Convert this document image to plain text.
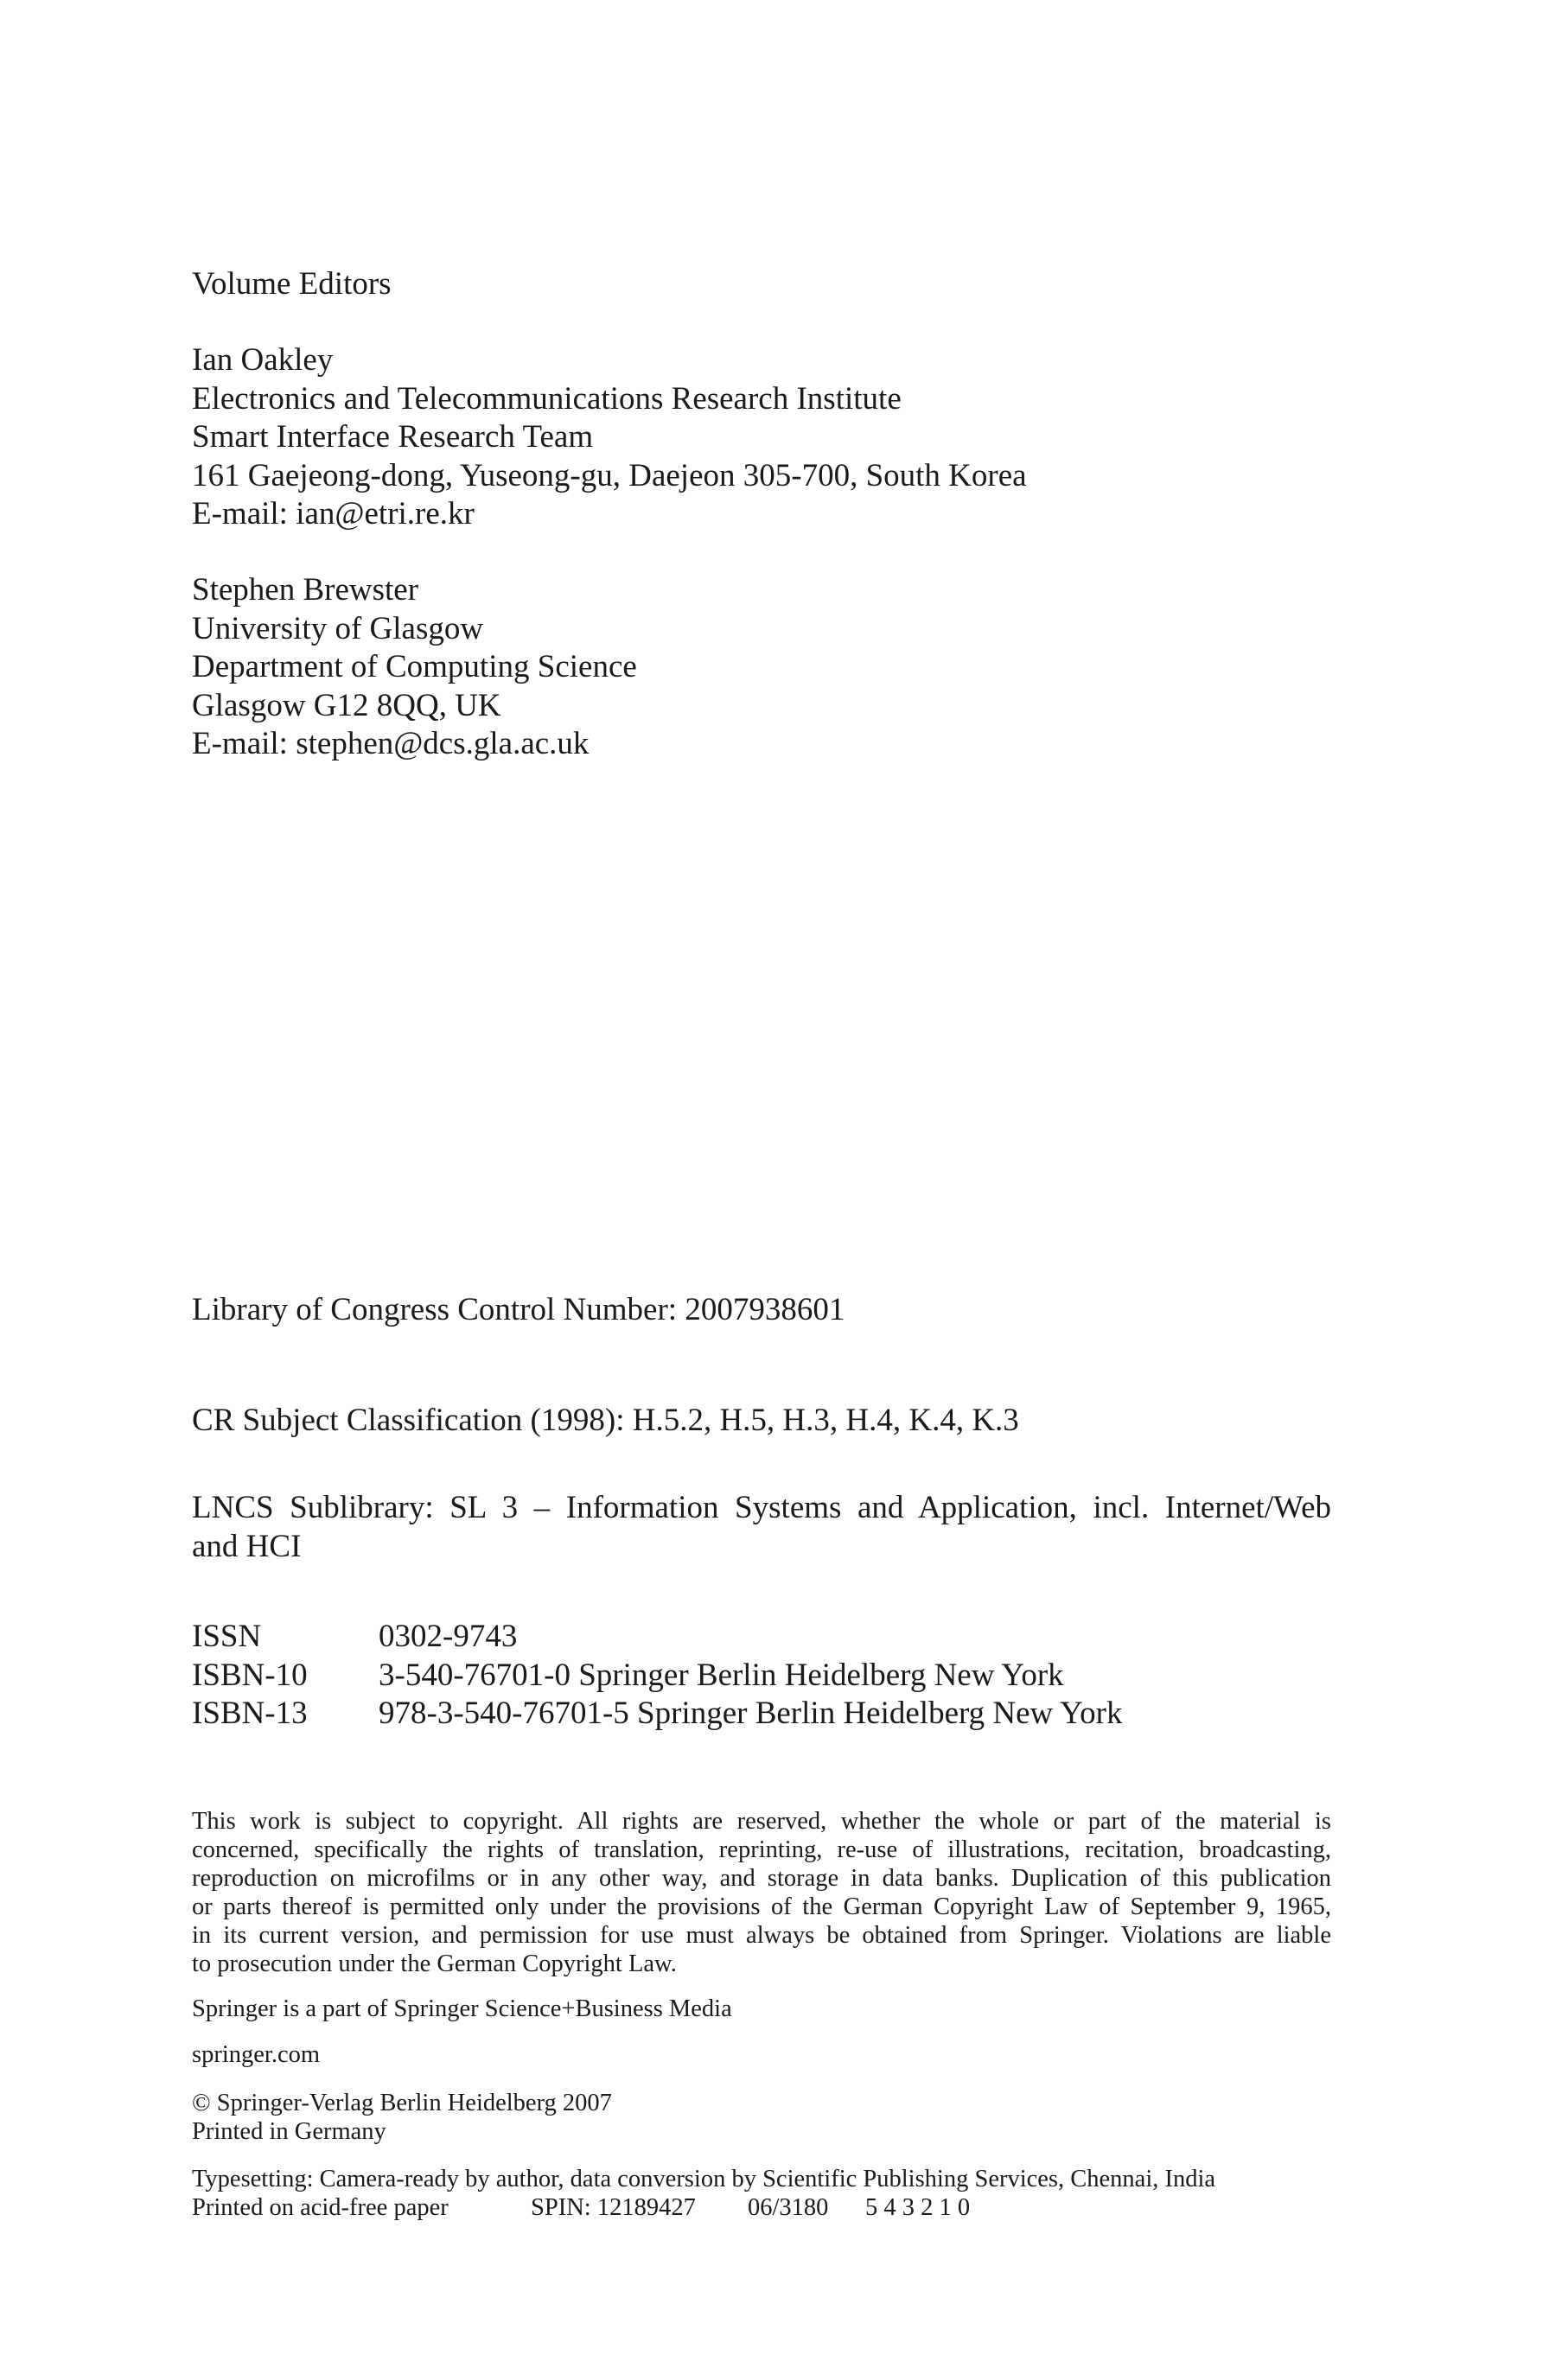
Volume Editors
Ian Oakley
Electronics and Telecommunications Research Institute
Smart Interface Research Team
161 Gaejeong-dong, Yuseong-gu, Daejeon 305-700, South Korea
E-mail: ian@etri.re.kr
Stephen Brewster
University of Glasgow
Department of Computing Science
Glasgow G12 8QQ, UK
E-mail: stephen@dcs.gla.ac.uk
Library of Congress Control Number: 2007938601
CR Subject Classification (1998): H.5.2, H.5, H.3, H.4, K.4, K.3
LNCS Sublibrary: SL 3 – Information Systems and Application, incl. Internet/Web
and HCI
ISSN	0302-9743
ISBN-10	3-540-76701-0 Springer Berlin Heidelberg New York
ISBN-13	978-3-540-76701-5 Springer Berlin Heidelberg New York
This work is subject to copyright. All rights are reserved, whether the whole or part of the material is
concerned, specifically the rights of translation, reprinting, re-use of illustrations, recitation, broadcasting,
reproduction on microfilms or in any other way, and storage in data banks. Duplication of this publication
or parts thereof is permitted only under the provisions of the German Copyright Law of September 9, 1965,
in its current version, and permission for use must always be obtained from Springer. Violations are liable
to prosecution under the German Copyright Law.
Springer is a part of Springer Science+Business Media
springer.com
© Springer-Verlag Berlin Heidelberg 2007
Printed in Germany
Typesetting: Camera-ready by author, data conversion by Scientific Publishing Services, Chennai, India
Printed on acid-free paper	SPIN: 12189427 06/3180 5 4 3 2 1 0
